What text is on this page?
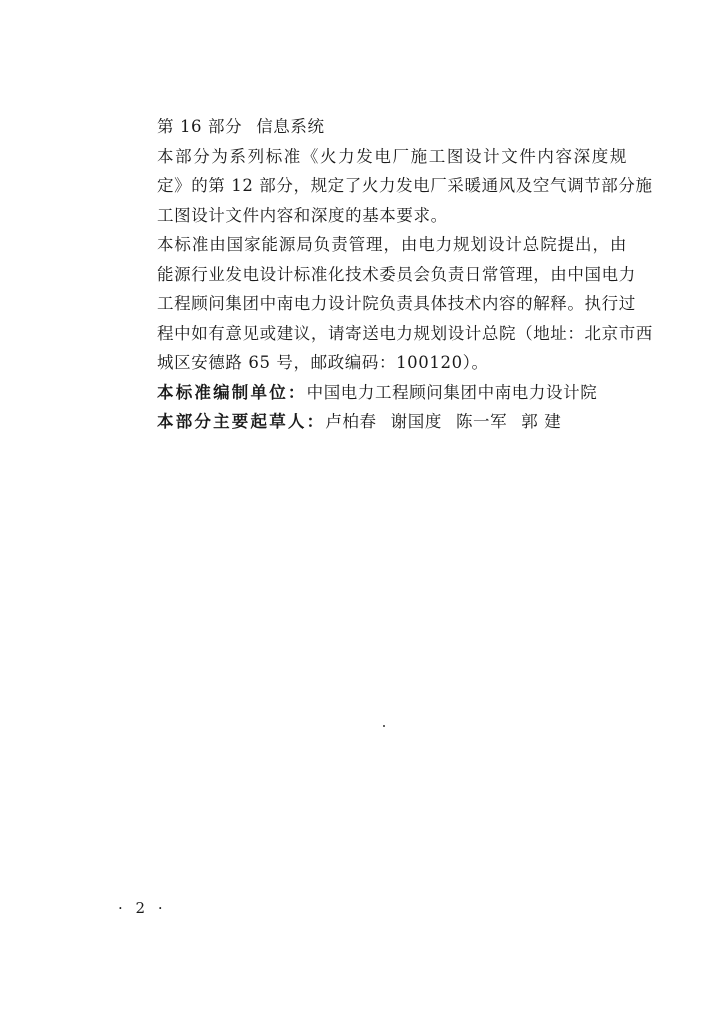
第 16 部分 信息系统
本部分为系列标准《火力发电厂施工图设计文件内容深度规
定》的第 12 部分，规定了火力发电厂采暖通风及空气调节部分施
工图设计文件内容和深度的基本要求。
本标准由国家能源局负责管理，由电力规划设计总院提出，由
能源行业发电设计标准化技术委员会负责日常管理，由中国电力
工程顾问集团中南电力设计院负责具体技术内容的解释。执行过
程中如有意见或建议，请寄送电力规划设计总院（地址：北京市西
城区安德路 65 号，邮政编码：100120）。
本标准编制单位：中国电力工程顾问集团中南电力设计院
本部分主要起草人：卢柏春 谢国度 陈一军 郭 建
· 2 ·
